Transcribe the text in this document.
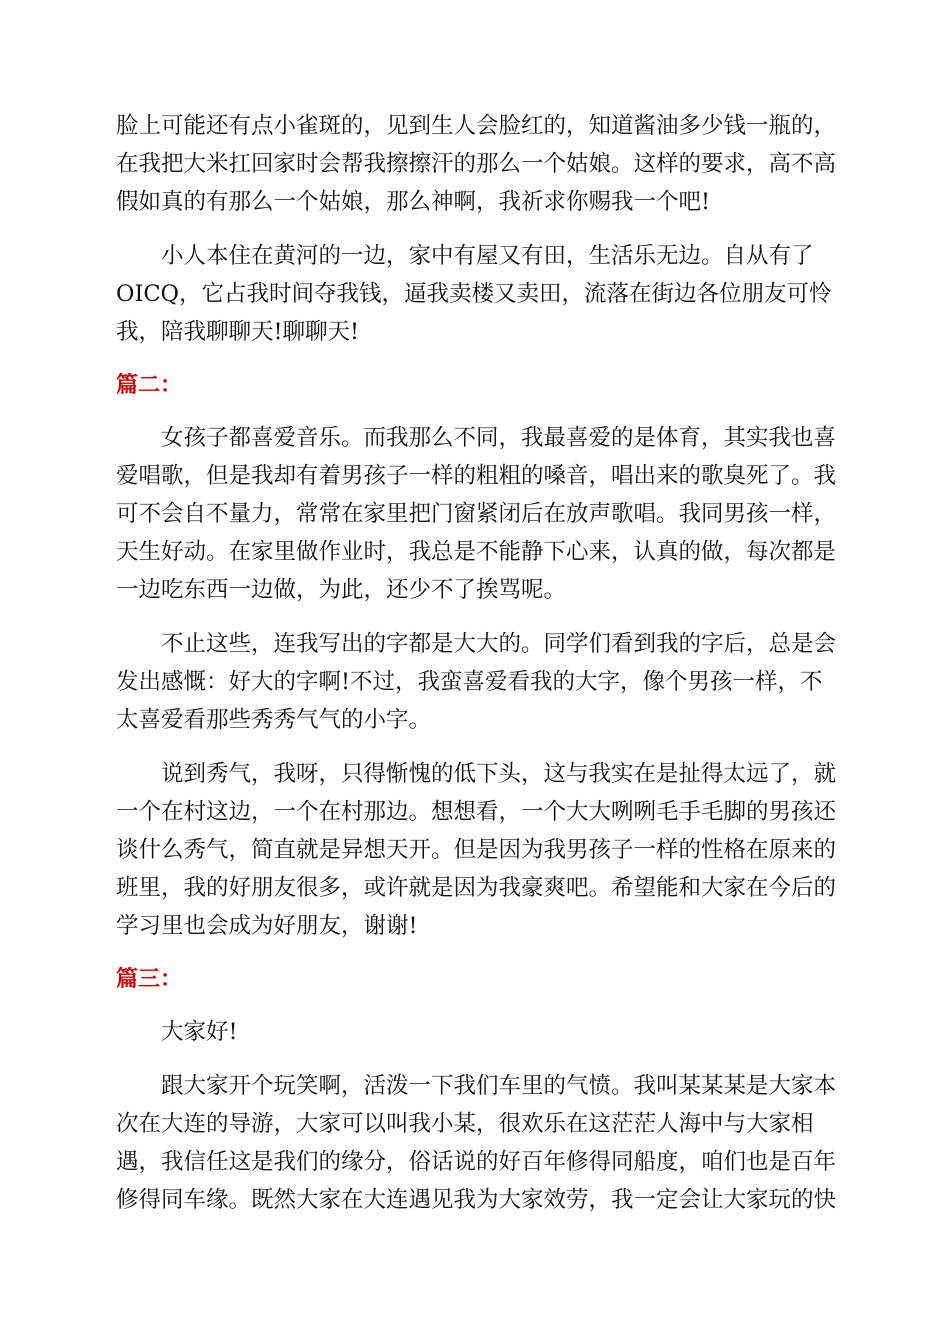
脸上可能还有点小雀斑的，见到生人会脸红的，知道酱油多少钱一瓶的，
在我把大米扛回家时会帮我擦擦汗的那么一个姑娘。这样的要求，高不高
假如真的有那么一个姑娘，那么神啊，我祈求你赐我一个吧!
小人本住在黄河的一边，家中有屋又有田，生活乐无边。自从有了
OICQ，它占我时间夺我钱，逼我卖楼又卖田，流落在街边各位朋友可怜
我，陪我聊聊天!聊聊天!
篇二：
女孩子都喜爱音乐。而我那么不同，我最喜爱的是体育，其实我也喜
爱唱歌，但是我却有着男孩子一样的粗粗的嗓音，唱出来的歌臭死了。我
可不会自不量力，常常在家里把门窗紧闭后在放声歌唱。我同男孩一样，
天生好动。在家里做作业时，我总是不能静下心来，认真的做，每次都是
一边吃东西一边做，为此，还少不了挨骂呢。
不止这些，连我写出的字都是大大的。同学们看到我的字后，总是会
发出感慨：好大的字啊!不过，我蛮喜爱看我的大字，像个男孩一样，不
太喜爱看那些秀秀气气的小字。
说到秀气，我呀，只得惭愧的低下头，这与我实在是扯得太远了，就
一个在村这边，一个在村那边。想想看，一个大大咧咧毛手毛脚的男孩还
谈什么秀气，简直就是异想天开。但是因为我男孩子一样的性格在原来的
班里，我的好朋友很多，或许就是因为我豪爽吧。希望能和大家在今后的
学习里也会成为好朋友，谢谢!
篇三：
大家好!
跟大家开个玩笑啊，活泼一下我们车里的气愤。我叫某某某是大家本
次在大连的导游，大家可以叫我小某，很欢乐在这茫茫人海中与大家相
遇，我信任这是我们的缘分，俗话说的好百年修得同船度，咱们也是百年
修得同车缘。既然大家在大连遇见我为大家效劳，我一定会让大家玩的快
